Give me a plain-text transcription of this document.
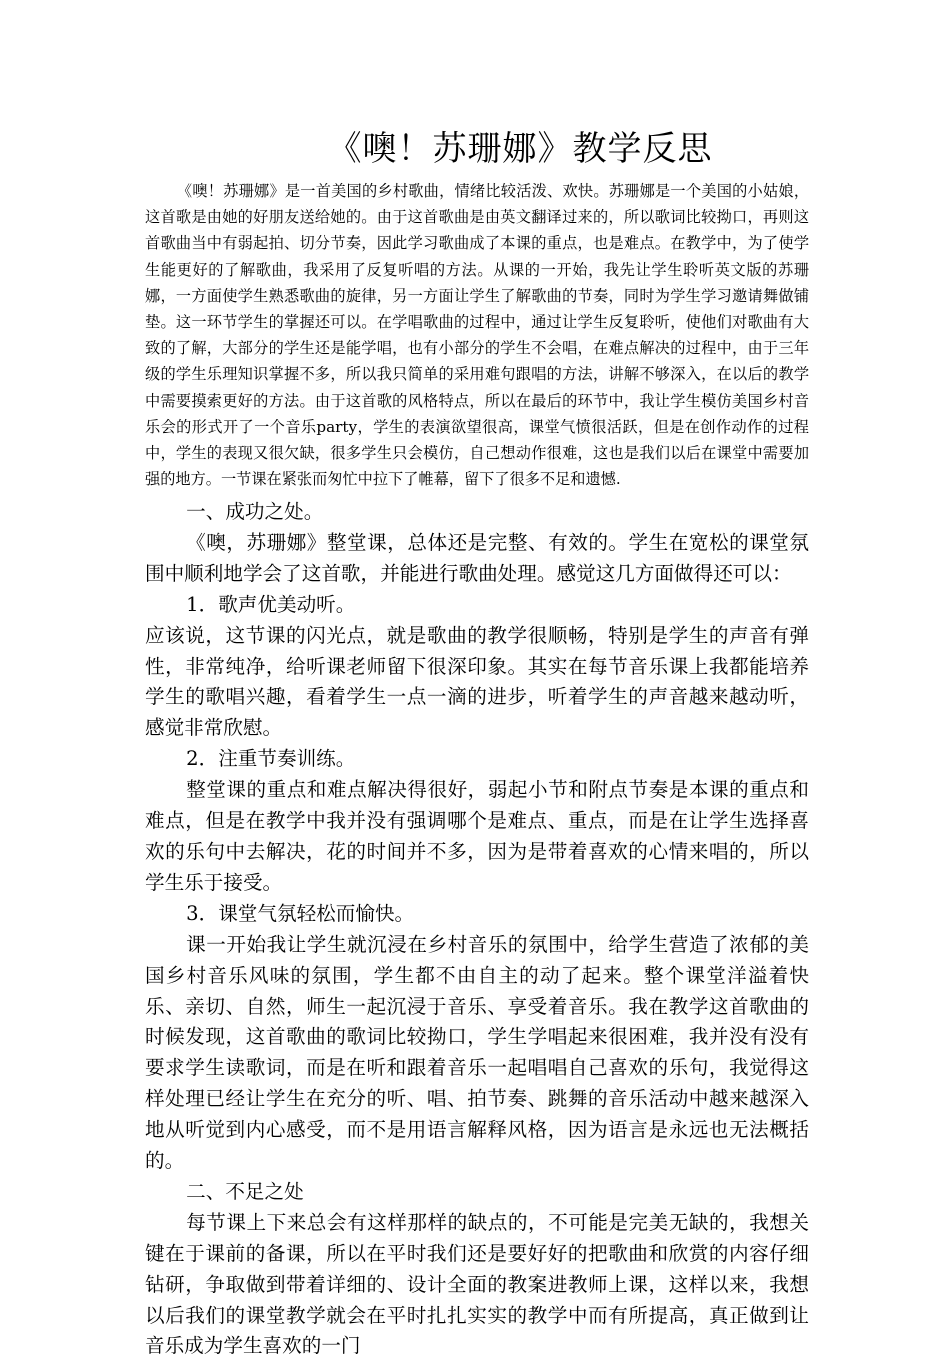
《噢！苏珊娜》教学反思

《噢！苏珊娜》是一首美国的乡村歌曲，情绪比较活泼、欢快。苏珊娜是一个美国的小姑娘，这首歌是由她的好朋友送给她的。由于这首歌曲是由英文翻译过来的，所以歌词比较拗口，再则这首歌曲当中有弱起拍、切分节奏，因此学习歌曲成了本课的重点，也是难点。在教学中，为了使学生能更好的了解歌曲，我采用了反复听唱的方法。从课的一开始，我先让学生聆听英文版的苏珊娜，一方面使学生熟悉歌曲的旋律，另一方面让学生了解歌曲的节奏，同时为学生学习邀请舞做铺垫。这一环节学生的掌握还可以。在学唱歌曲的过程中，通过让学生反复聆听，使他们对歌曲有大致的了解，大部分的学生还是能学唱，也有小部分的学生不会唱，在难点解决的过程中，由于三年级的学生乐理知识掌握不多，所以我只简单的采用难句跟唱的方法，讲解不够深入，在以后的教学中需要摸索更好的方法。由于这首歌的风格特点，所以在最后的环节中，我让学生模仿美国乡村音乐会的形式开了一个音乐party，学生的表演欲望很高，课堂气愤很活跃，但是在创作动作的过程中，学生的表现又很欠缺，很多学生只会模仿，自己想动作很难，这也是我们以后在课堂中需要加强的地方。一节课在紧张而匆忙中拉下了帷幕，留下了很多不足和遗憾.

一、成功之处。

《噢，苏珊娜》整堂课，总体还是完整、有效的。学生在宽松的课堂氛围中顺利地学会了这首歌，并能进行歌曲处理。感觉这几方面做得还可以：

1．歌声优美动听。

应该说，这节课的闪光点，就是歌曲的教学很顺畅，特别是学生的声音有弹性，非常纯净，给听课老师留下很深印象。其实在每节音乐课上我都能培养学生的歌唱兴趣，看着学生一点一滴的进步，听着学生的声音越来越动听，感觉非常欣慰。

2．注重节奏训练。

整堂课的重点和难点解决得很好，弱起小节和附点节奏是本课的重点和难点，但是在教学中我并没有强调哪个是难点、重点，而是在让学生选择喜欢的乐句中去解决，花的时间并不多，因为是带着喜欢的心情来唱的，所以学生乐于接受。

3．课堂气氛轻松而愉快。

课一开始我让学生就沉浸在乡村音乐的氛围中，给学生营造了浓郁的美国乡村音乐风味的氛围，学生都不由自主的动了起来。整个课堂洋溢着快乐、亲切、自然，师生一起沉浸于音乐、享受着音乐。我在教学这首歌曲的时候发现，这首歌曲的歌词比较拗口，学生学唱起来很困难，我并没有没有要求学生读歌词，而是在听和跟着音乐一起唱唱自己喜欢的乐句，我觉得这样处理已经让学生在充分的听、唱、拍节奏、跳舞的音乐活动中越来越深入地从听觉到内心感受，而不是用语言解释风格，因为语言是永远也无法概括的。

二、不足之处

每节课上下来总会有这样那样的缺点的，不可能是完美无缺的，我想关键在于课前的备课，所以在平时我们还是要好好的把歌曲和欣赏的内容仔细钻研，争取做到带着详细的、设计全面的教案进教师上课，这样以来，我想以后我们的课堂教学就会在平时扎扎实实的教学中而有所提高，真正做到让音乐成为学生喜欢的一门
